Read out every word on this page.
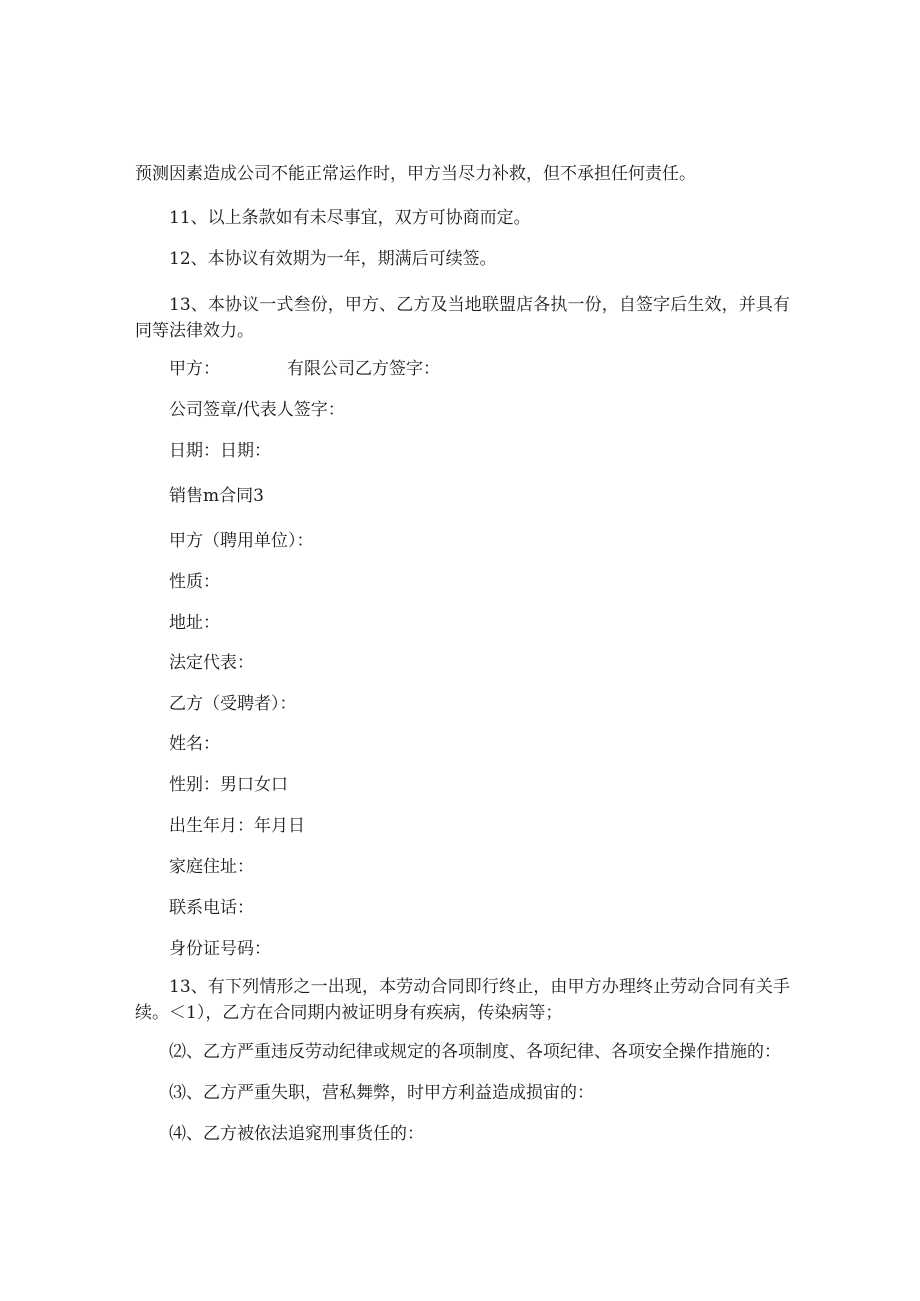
预测因素造成公司不能正常运作时，甲方当尽力补救，但不承担任何责任。
11、以上条款如有未尽事宜，双方可协商而定。
12、本协议有效期为一年，期满后可续签。
13、本协议一式叁份，甲方、乙方及当地联盟店各执一份，自签字后生效，并具有同等法律效力。
甲方：	有限公司乙方签字：
公司签章/代表人签字：
日期：日期：
销售m合同3
甲方（聘用单位）：
性质：
地址：
法定代表：
乙方（受聘者）：
姓名：
性别：男口女口
出生年月：年月日
家庭住址：
联系电话：
身份证号码：
13、有下列情形之一出现，本劳动合同即行终止，由甲方办理终止劳动合同有关手续。＜1），乙方在合同期内被证明身有疾病，传染病等；
⑵、乙方严重违反劳动纪律或规定的各项制度、各项纪律、各项安全操作措施的：
⑶、乙方严重失职，营私舞弊，时甲方利益造成损宙的：
⑷、乙方被依法追窕刑事货任的：
